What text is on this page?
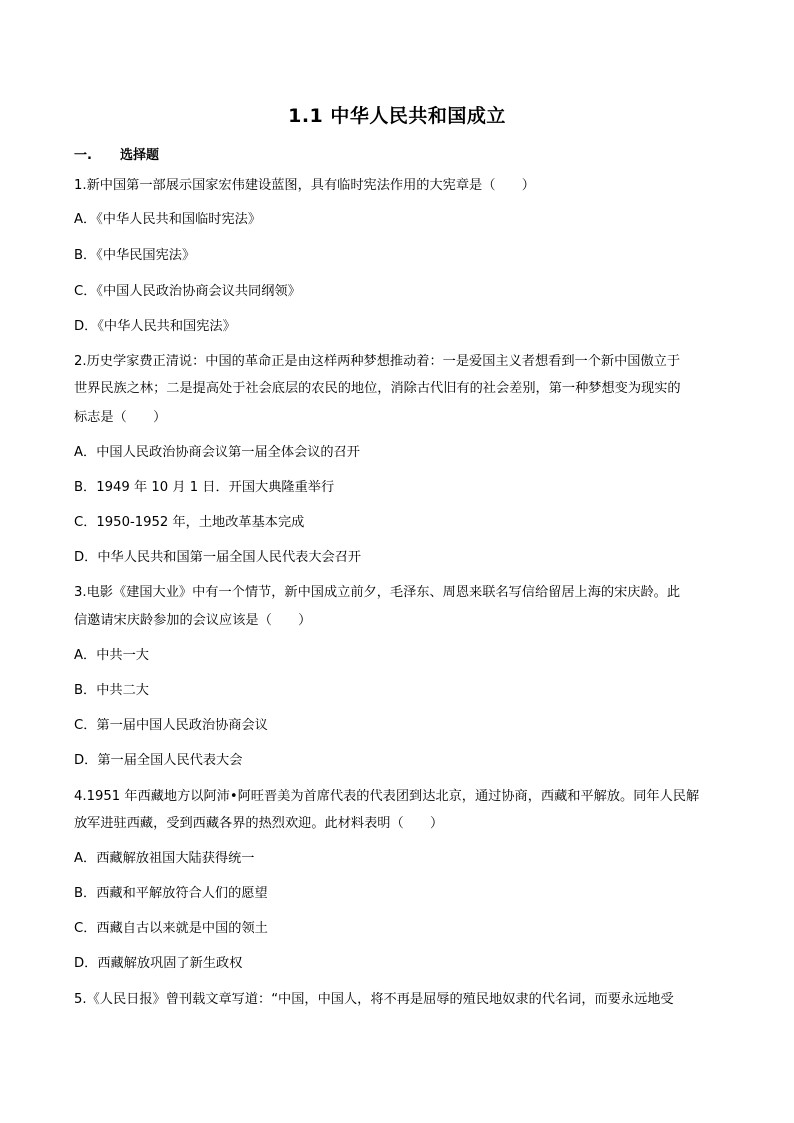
1.1 中华人民共和国成立
一. 选择题
1.新中国第一部展示国家宏伟建设蓝图，具有临时宪法作用的大宪章是（　　）
A．《中华人民共和国临时宪法》
B．《中华民国宪法》
C．《中国人民政治协商会议共同纲领》
D．《中华人民共和国宪法》
2.历史学家费正清说：中国的革命正是由这样两种梦想推动着：一是爱国主义者想看到一个新中国傲立于
世界民族之林；二是提高处于社会底层的农民的地位，消除古代旧有的社会差别，第一种梦想变为现实的
标志是（　　）
A．中国人民政治协商会议第一届全体会议的召开
B．1949 年 10 月 1 日．开国大典隆重举行
C．1950-1952 年，土地改革基本完成
D．中华人民共和国第一届全国人民代表大会召开
3.电影《建国大业》中有一个情节，新中国成立前夕，毛泽东、周恩来联名写信给留居上海的宋庆龄。此
信邀请宋庆龄参加的会议应该是（　　）
A．中共一大
B．中共二大
C．第一届中国人民政治协商会议
D．第一届全国人民代表大会
4.1951 年西藏地方以阿沛•阿旺晋美为首席代表的代表团到达北京，通过协商，西藏和平解放。同年人民解
放军进驻西藏，受到西藏各界的热烈欢迎。此材料表明（　　）
A．西藏解放祖国大陆获得统一
B．西藏和平解放符合人们的愿望
C．西藏自古以来就是中国的领土
D．西藏解放巩固了新生政权
5.《人民日报》曾刊载文章写道：“中国，中国人，将不再是屈辱的殖民地奴隶的代名词，而要永远地受
